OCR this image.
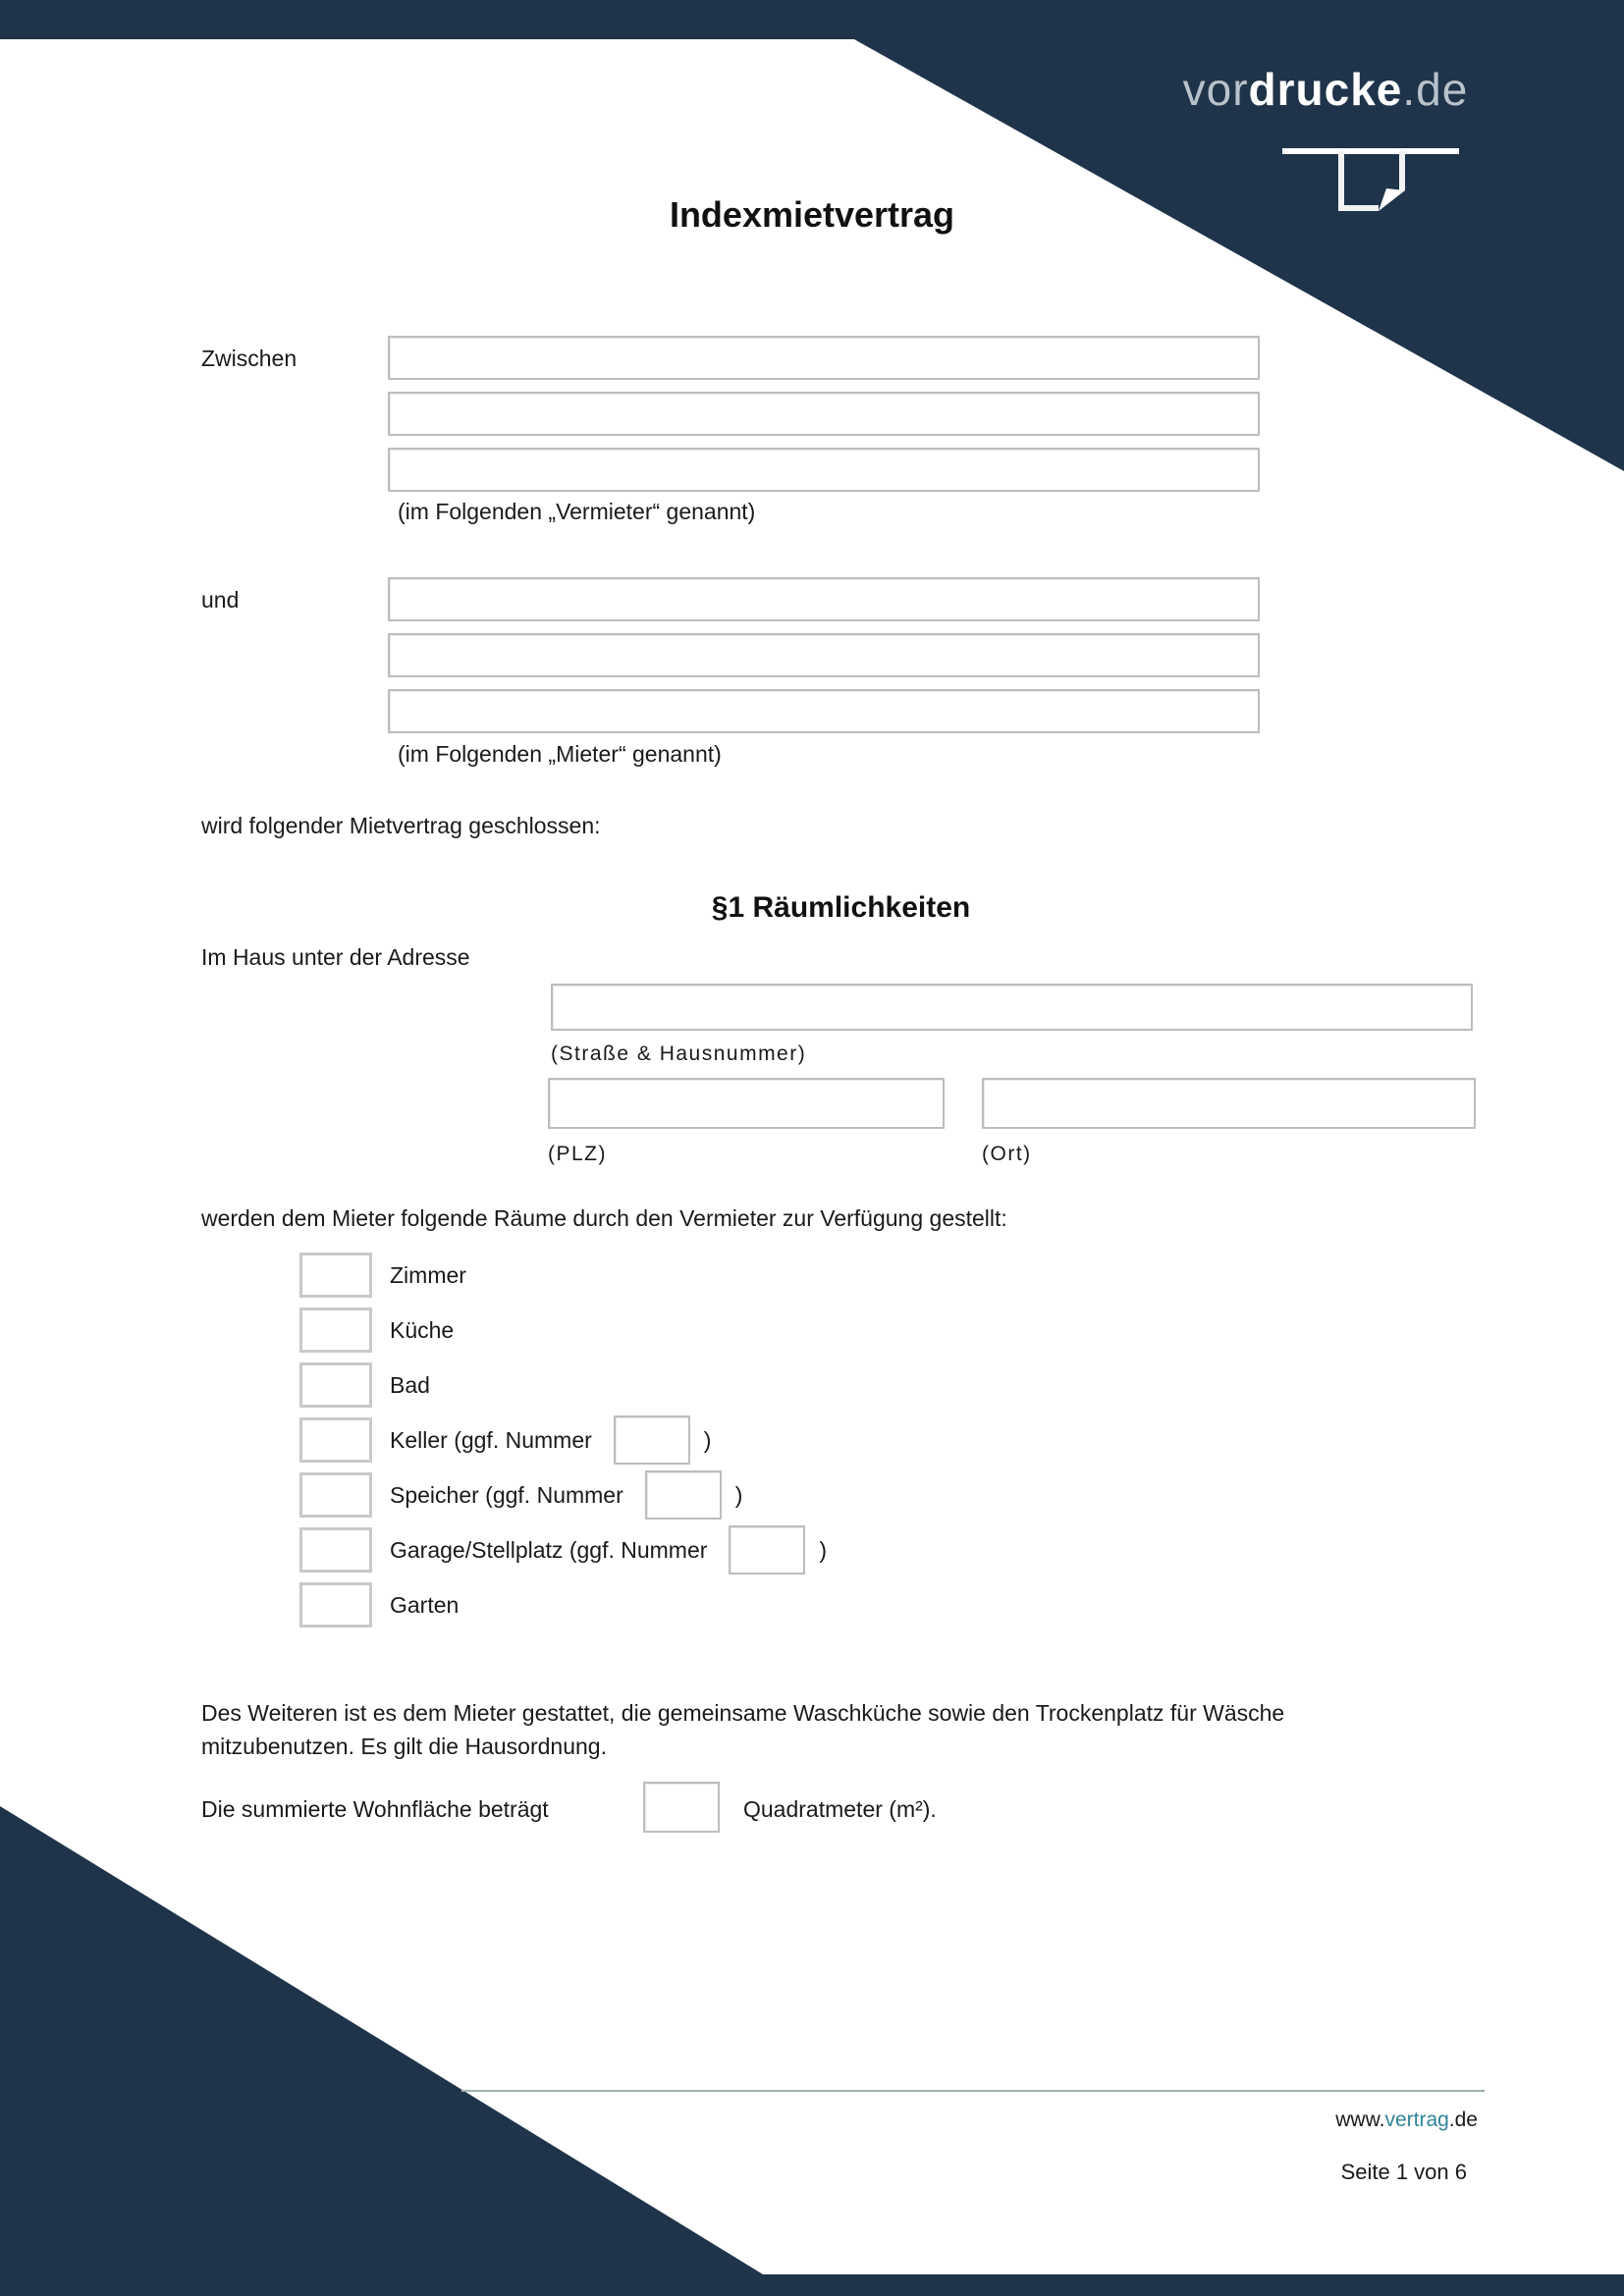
vordrucke.de
Indexmietvertrag
Zwischen
(im Folgenden „Vermieter“ genannt)
und
(im Folgenden „Mieter“ genannt)
wird folgender Mietvertrag geschlossen:
§1 Räumlichkeiten
Im Haus unter der Adresse
(Straße & Hausnummer)
(PLZ)	(Ort)
werden dem Mieter folgende Räume durch den Vermieter zur Verfügung gestellt:
Zimmer
Küche
Bad
Keller (ggf. Nummer	)
Speicher (ggf. Nummer	)
Garage/Stellplatz (ggf. Nummer	)
Garten
Des Weiteren ist es dem Mieter gestattet, die gemeinsame Waschküche sowie den Trockenplatz für Wäsche mitzubenutzen. Es gilt die Hausordnung.
Die summierte Wohnfläche beträgt	Quadratmeter (m²).
www.vertrag.de
Seite 1 von 6
